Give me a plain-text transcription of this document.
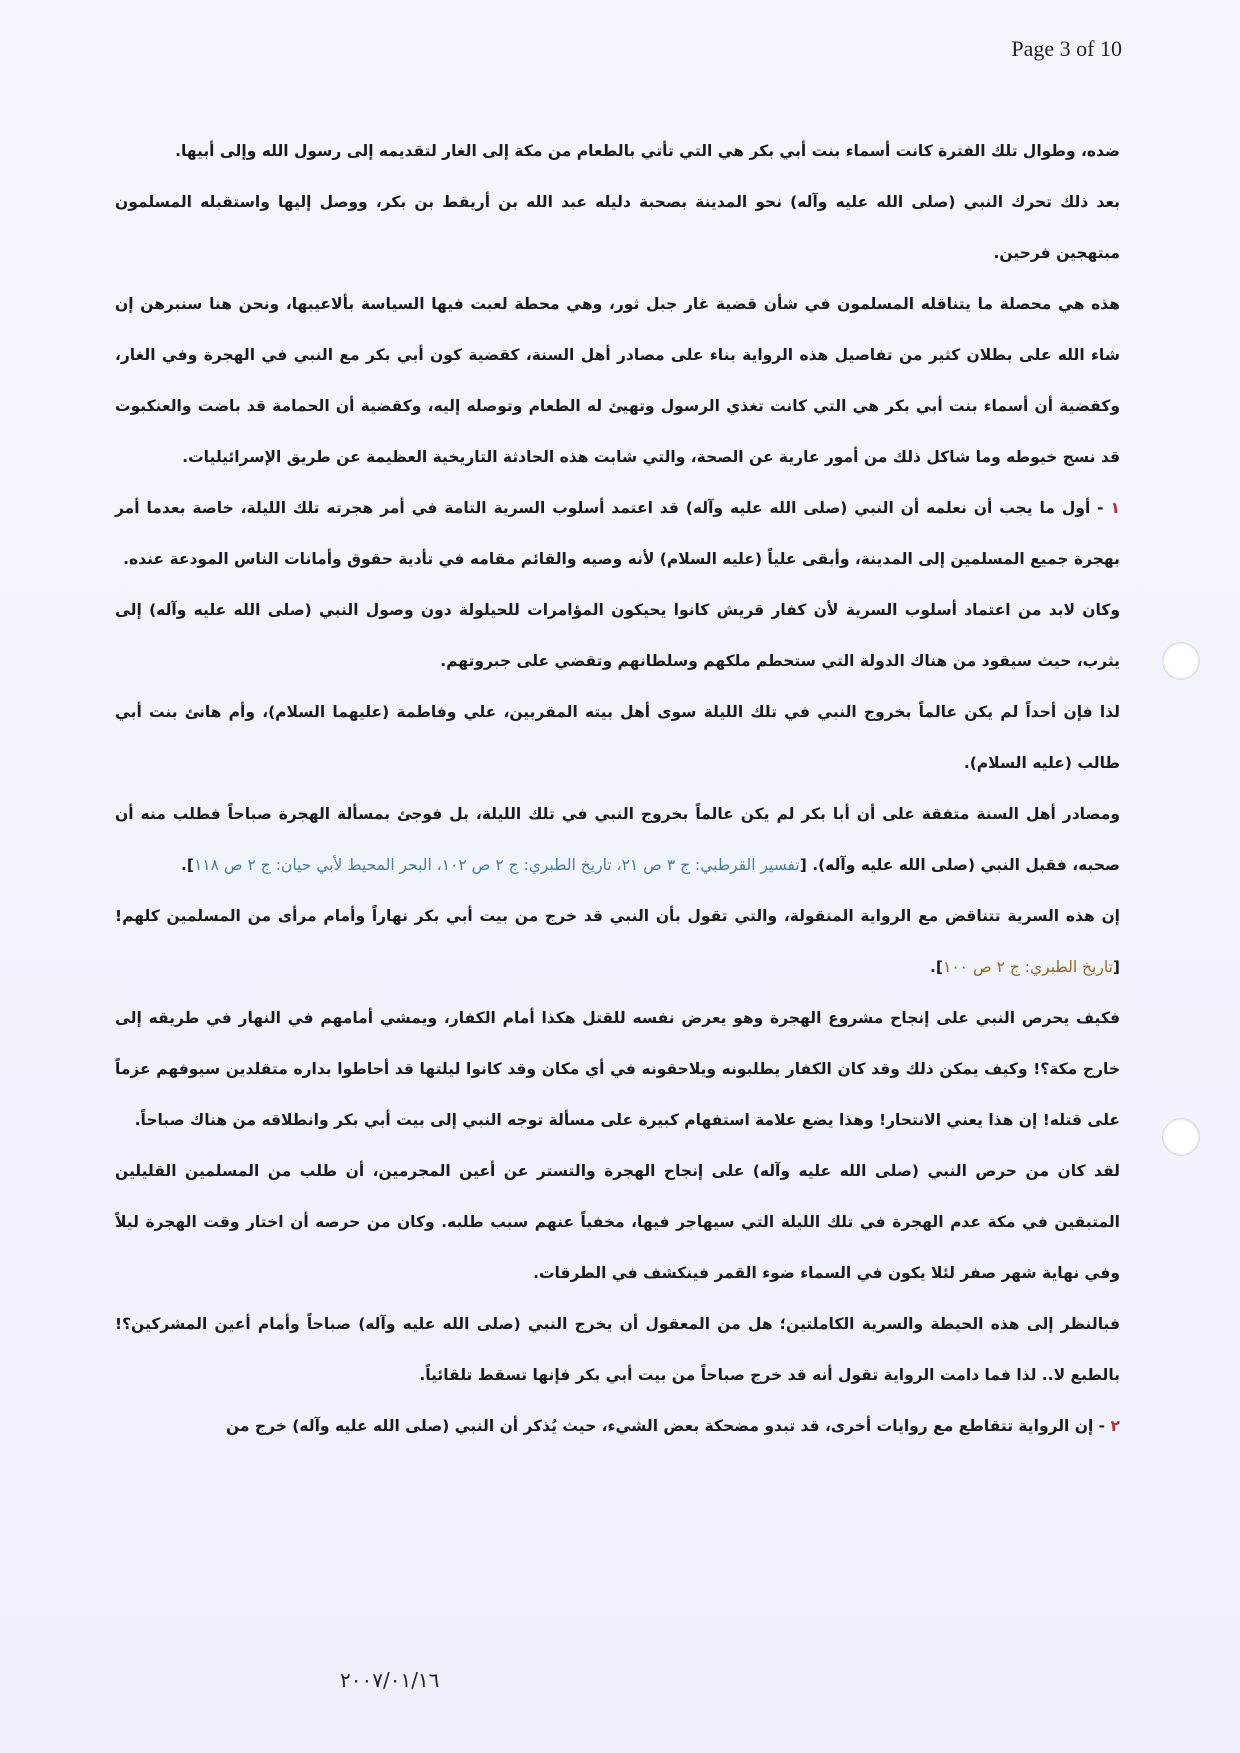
Page 3 of 10

ضده، وطوال تلك الفترة كانت أسماء بنت أبي بكر هي التي تأتي بالطعام من مكة إلى الغار لتقديمه إلى رسول الله وإلى أبيها.

بعد ذلك تحرك النبي (صلى الله عليه وآله) نحو المدينة بصحبة دليله عبد الله بن أريقط بن بكر، ووصل إليها واستقبله المسلمون مبتهجين فرحين.

هذه هي محصلة ما يتناقله المسلمون في شأن قضية غار جبل ثور، وهي محطة لعبت فيها السياسة بألاعيبها، ونحن هنا سنبرهن إن شاء الله على بطلان كثير من تفاصيل هذه الرواية بناء على مصادر أهل السنة، كقضية كون أبي بكر مع النبي في الهجرة وفي الغار، وكقضية أن أسماء بنت أبي بكر هي التي كانت تغذي الرسول وتهيئ له الطعام وتوصله إليه، وكقضية أن الحمامة قد باضت والعنكبوت قد نسج خيوطه وما شاكل ذلك من أمور عارية عن الصحة، والتي شابت هذه الحادثة التاريخية العظيمة عن طريق الإسرائيليات.

١ - أول ما يجب أن نعلمه أن النبي (صلى الله عليه وآله) قد اعتمد أسلوب السرية التامة في أمر هجرته تلك الليلة، خاصة بعدما أمر بهجرة جميع المسلمين إلى المدينة، وأبقى علياً (عليه السلام) لأنه وصيه والقائم مقامه في تأدية حقوق وأمانات الناس المودعة عنده.

وكان لابد من اعتماد أسلوب السرية لأن كفار قريش كانوا يحيكون المؤامرات للحيلولة دون وصول النبي (صلى الله عليه وآله) إلى يثرب، حيث سيقود من هناك الدولة التي ستحطم ملكهم وسلطانهم وتقضي على جبروتهم.

لذا فإن أحداً لم يكن عالماً بخروج النبي في تلك الليلة سوى أهل بيته المقربين، علي وفاطمة (عليهما السلام)، وأم هانئ بنت أبي طالب (عليه السلام).

ومصادر أهل السنة متفقة على أن أبا بكر لم يكن عالماً بخروج النبي في تلك الليلة، بل فوجئ بمسألة الهجرة صباحاً فطلب منه أن صحبه، فقبل النبي (صلى الله عليه وآله). [تفسير القرطبي: ج ٣ ص ٢١، تاريخ الطبري: ج ٢ ص ١٠٢، البحر المحيط لأبي حيان: ج ٢ ص ١١٨].

إن هذه السرية تتناقض مع الرواية المنقولة، والتي تقول بأن النبي قد خرج من بيت أبي بكر نهاراً وأمام مرأى من المسلمين كلهم! [تاريخ الطبري: ج ٢ ص ١٠٠].

فكيف يحرص النبي على إنجاح مشروع الهجرة وهو يعرض نفسه للقتل هكذا أمام الكفار، ويمشي أمامهم في النهار في طريقه إلى خارج مكة؟! وكيف يمكن ذلك وقد كان الكفار يطلبونه ويلاحقونه في أي مكان وقد كانوا ليلتها قد أحاطوا بداره متقلدين سيوفهم عزماً على قتله! إن هذا يعني الانتحار! وهذا يضع علامة استفهام كبيرة على مسألة توجه النبي إلى بيت أبي بكر وانطلاقه من هناك صباحاً.

لقد كان من حرص النبي (صلى الله عليه وآله) على إنجاح الهجرة والتستر عن أعين المجرمين، أن طلب من المسلمين القليلين المتبقين في مكة عدم الهجرة في تلك الليلة التي سيهاجر فيها، مخفياً عنهم سبب طلبه. وكان من حرصه أن اختار وقت الهجرة ليلاً وفي نهاية شهر صفر لئلا يكون في السماء ضوء القمر فينكشف في الطرقات.

فبالنظر إلى هذه الحيطة والسرية الكاملتين؛ هل من المعقول أن يخرج النبي (صلى الله عليه وآله) صباحاً وأمام أعين المشركين؟! بالطبع لا.. لذا فما دامت الرواية تقول أنه قد خرج صباحاً من بيت أبي بكر فإنها تسقط تلقائياً.

٢ - إن الرواية تتقاطع مع روايات أخرى، قد تبدو مضحكة بعض الشيء، حيث يُذكر أن النبي (صلى الله عليه وآله) خرج من

٢٠٠٧/٠١/١٦
